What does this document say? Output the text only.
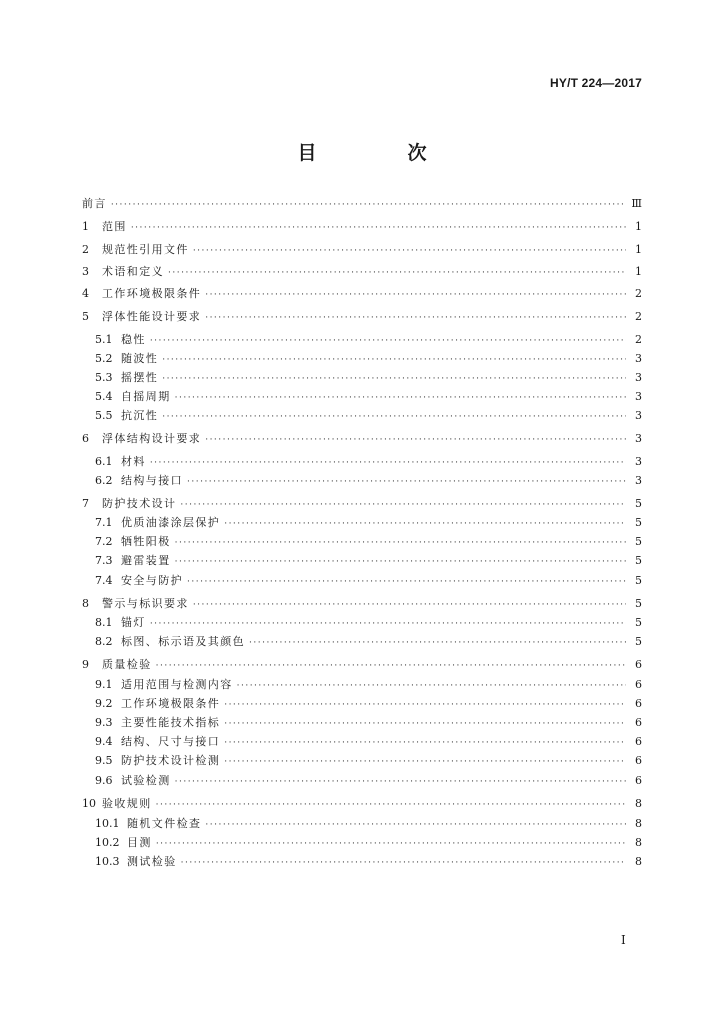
HY/T 224—2017
目　次
前言 ·····	Ⅲ
1	范围 ·····	1
2	规范性引用文件 ·····	1
3	术语和定义 ·····	1
4	工作环境极限条件 ·····	2
5	浮体性能设计要求 ·····	2
5.1 稳性 ·····	2
5.2 随波性 ·····	3
5.3 摇摆性 ·····	3
5.4 自摇周期 ·····	3
5.5 抗沉性 ·····	3
6	浮体结构设计要求 ·····	3
6.1 材料 ·····	3
6.2 结构与接口 ·····	3
7	防护技术设计 ·····	5
7.1 优质油漆涂层保护 ·····	5
7.2 牺牲阳极 ·····	5
7.3 避雷装置 ·····	5
7.4 安全与防护 ·····	5
8	警示与标识要求 ·····	5
8.1 锚灯 ·····	5
8.2 标图、标示语及其颜色 ·····	5
9	质量检验 ·····	6
9.1 适用范围与检测内容 ·····	6
9.2 工作环境极限条件 ·····	6
9.3 主要性能技术指标 ·····	6
9.4 结构、尺寸与接口 ·····	6
9.5 防护技术设计检测 ·····	6
9.6 试验检测 ·····	6
10 验收规则 ·····	8
10.1 随机文件检查 ·····	8
10.2 目测 ·····	8
10.3 测试检验 ·····	8
I
